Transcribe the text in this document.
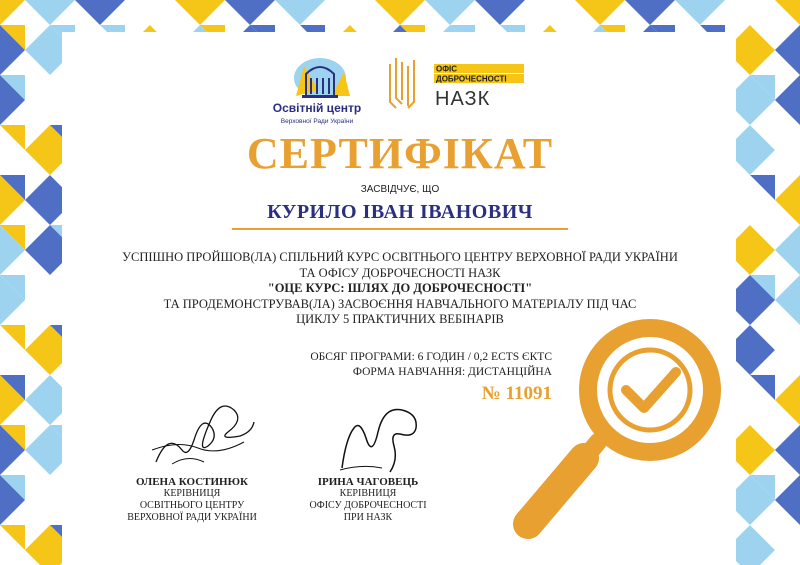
Освітній центр
Верховної Ради України
ОФІС
ДОБРОЧЕСНОСТІ
НАЗК
СЕРТИФІКАТ
ЗАСВІДЧУЄ, ЩО
КУРИЛО ІВАН ІВАНОВИЧ
УСПІШНО ПРОЙШОВ(ЛА) СПІЛЬНИЙ КУРС ОСВІТНЬОГО ЦЕНТРУ ВЕРХОВНОЇ РАДИ УКРАЇНИ
ТА ОФІСУ ДОБРОЧЕСНОСТІ НАЗК
"ОЦЕ КУРС: ШЛЯХ ДО ДОБРОЧЕСНОСТІ"
ТА ПРОДЕМОНСТРУВАВ(ЛА) ЗАСВОЄННЯ НАВЧАЛЬНОГО МАТЕРІАЛУ ПІД ЧАС
ЦИКЛУ 5 ПРАКТИЧНИХ ВЕБІНАРІВ
ОБСЯГ ПРОГРАМИ: 6 ГОДИН / 0,2 ECTS ЄКТС
ФОРМА НАВЧАННЯ: ДИСТАНЦІЙНА
№ 11091
ОЛЕНА КОСТИНЮК
КЕРІВНИЦЯ
ОСВІТНЬОГО ЦЕНТРУ
ВЕРХОВНОЇ РАДИ УКРАЇНИ
ІРИНА ЧАГОВЕЦЬ
КЕРІВНИЦЯ
ОФІСУ ДОБРОЧЕСНОСТІ
ПРИ НАЗК
